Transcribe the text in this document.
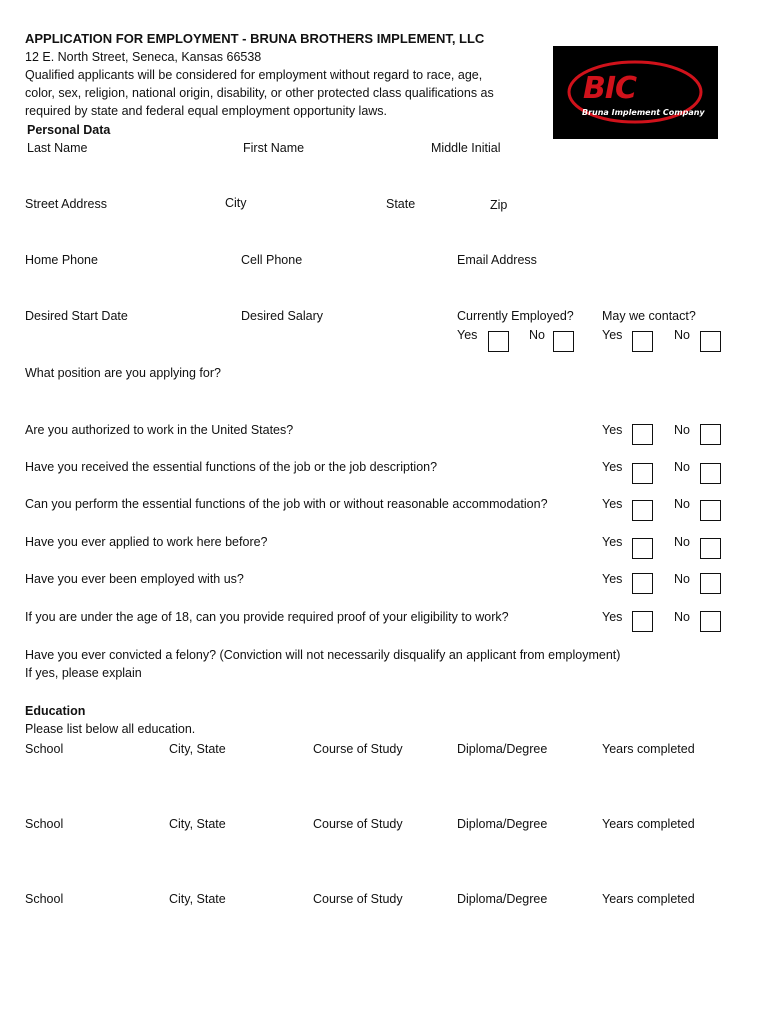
APPLICATION FOR EMPLOYMENT - BRUNA BROTHERS IMPLEMENT, LLC
12 E. North Street, Seneca, Kansas 66538
Qualified applicants will be considered for employment without regard to race, age,
color, sex, religion, national origin, disability, or other protected class qualifications as
required by state and federal equal employment opportunity laws.
BIC
Bruna Implement Company
Personal Data
Last Name	First Name	Middle Initial
Street Address	City	State	Zip
Home Phone	Cell Phone	Email Address
Desired Start Date	Desired Salary	Currently Employed? May we contact?
Yes	No	Yes	No
What position are you applying for?
Are you authorized to work in the United States?	Yes	No
Have you received the essential functions of the job or the job description?	Yes	No
Can you perform the essential functions of the job with or without reasonable accommodation?	Yes	No
Have you ever applied to work here before?	Yes	No
Have you ever been employed with us?	Yes	No
If you are under the age of 18, can you provide required proof of your eligibility to work?	Yes	No
Have you ever convicted a felony? (Conviction will not necessarily disqualify an applicant from employment)
If yes, please explain
Education
Please list below all education.
School	City, State	Course of Study	Diploma/Degree	Years completed
School	City, State	Course of Study	Diploma/Degree	Years completed
School	City, State	Course of Study	Diploma/Degree	Years completed
